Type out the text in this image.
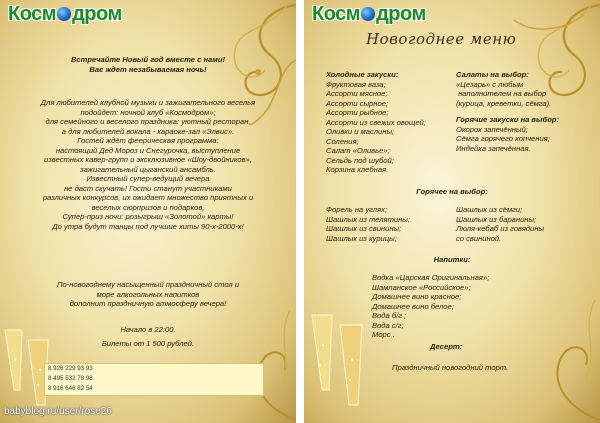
Косм дром
Встречайте Новый год вместе с нами!
Вас ждет незабываемая ночь!
Для любителей клубной музыки и зажигательного веселья
подойдет: ночной клуб «Космодром»;
для семейного и веселого праздника: уютный ресторан,
а для любителей вокала - караоке-зал «Элвис».
Гостей ждёт феерическая программа:
настоящий Дед Мороз и Снегурочка, выступление
известных кавер-групп и эксклюзивное «Шоу-двойников»,
зажигательный цыганский ансамбль.
Известный супер-ведущий вечера
не даст скучать! Гости станут участниками
различных конкурсов, их ожидает множество приятных и
веселых сюрпризов и подарков,
Супер-приз ночи: розыгрыш «Золотой» карты!
До утра будут танцы под лучшие хиты 90-х-2000-х!
По-новогоднему насыщенный праздничный стол и
море алкогольных напитков
дополнит праздничную атмосферу вечера!
Начало в 22:00.
Билеты от 1 500 рублей.
8 926 229 93 93
8 495 532 78 98
8 916 646 82 54
babyblog.ru/user/rose26
Косм дром
Новогоднее меню
Холодные закуски:
Фруктовая ваза;
Ассорти мясное;
Ассорти сырное;
Ассорти рыбное;
Ассорти из свежих овощей;
Оливки и маслины;
Соления;
Салат «Оливье»;
Сельдь под шубой;
Корзина хлебная.
Салаты на выбор:
«Цезарь» с любым
наполнителем на выбор
(курица, креветки, сёмга).
Горячие закуски на выбор:
Окорок запечённый;
Сёмга горячего копчения;
Индейка запечённая.
Горячее на выбор:
Форель на углях;
Шашлык из телятины;
Шашлык из свинины;
Шашлык из курицы;
Шашлык из сёмги;
Шашлык из баранины;
Люля-кебаб из говядины
со свининой.
Напитки:
Водка «Царская Оригинальная»;
Шампанское «Российское»;
Домашнее вино красное;
Домашнее вино белое;
Вода б/г ;
Вода с/г;
Морс .
Десерт:
Праздничный новогодний торт.
